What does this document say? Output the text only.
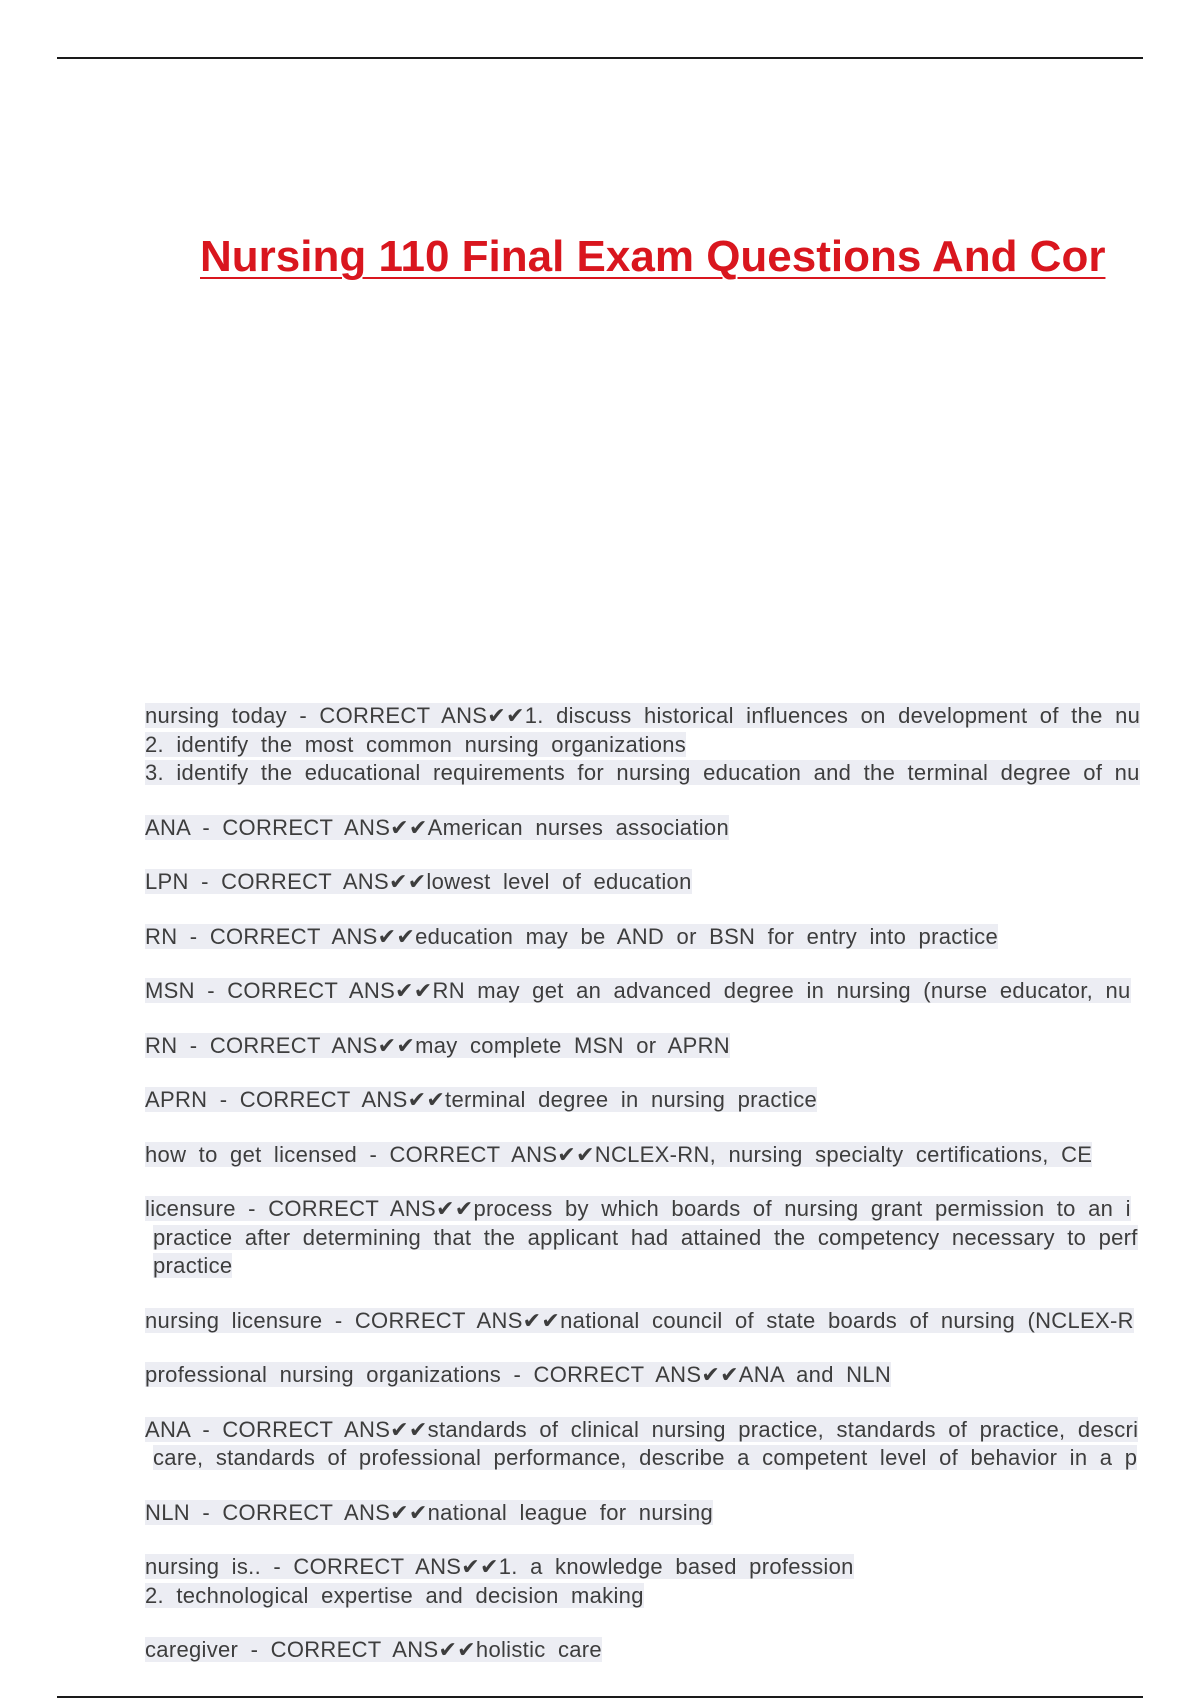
Nursing 110 Final Exam Questions And Cor
nursing today - CORRECT ANS✔✔1. discuss historical influences on development of the nu
2. identify the most common nursing organizations
3. identify the educational requirements for nursing education and the terminal degree of nu
ANA - CORRECT ANS✔✔American nurses association
LPN - CORRECT ANS✔✔lowest level of education
RN - CORRECT ANS✔✔education may be AND or BSN for entry into practice
MSN - CORRECT ANS✔✔RN may get an advanced degree in nursing (nurse educator, nu
RN - CORRECT ANS✔✔may complete MSN or APRN
APRN - CORRECT ANS✔✔terminal degree in nursing practice
how to get licensed - CORRECT ANS✔✔NCLEX-RN, nursing specialty certifications, CE
licensure - CORRECT ANS✔✔process by which boards of nursing grant permission to an i
practice after determining that the applicant had attained the competency necessary to perf
practice
nursing licensure - CORRECT ANS✔✔national council of state boards of nursing (NCLEX-R
professional nursing organizations - CORRECT ANS✔✔ANA and NLN
ANA - CORRECT ANS✔✔standards of clinical nursing practice, standards of practice, descri
care, standards of professional performance, describe a competent level of behavior in a p
NLN - CORRECT ANS✔✔national league for nursing
nursing is.. - CORRECT ANS✔✔1. a knowledge based profession
2. technological expertise and decision making
caregiver - CORRECT ANS✔✔holistic care
